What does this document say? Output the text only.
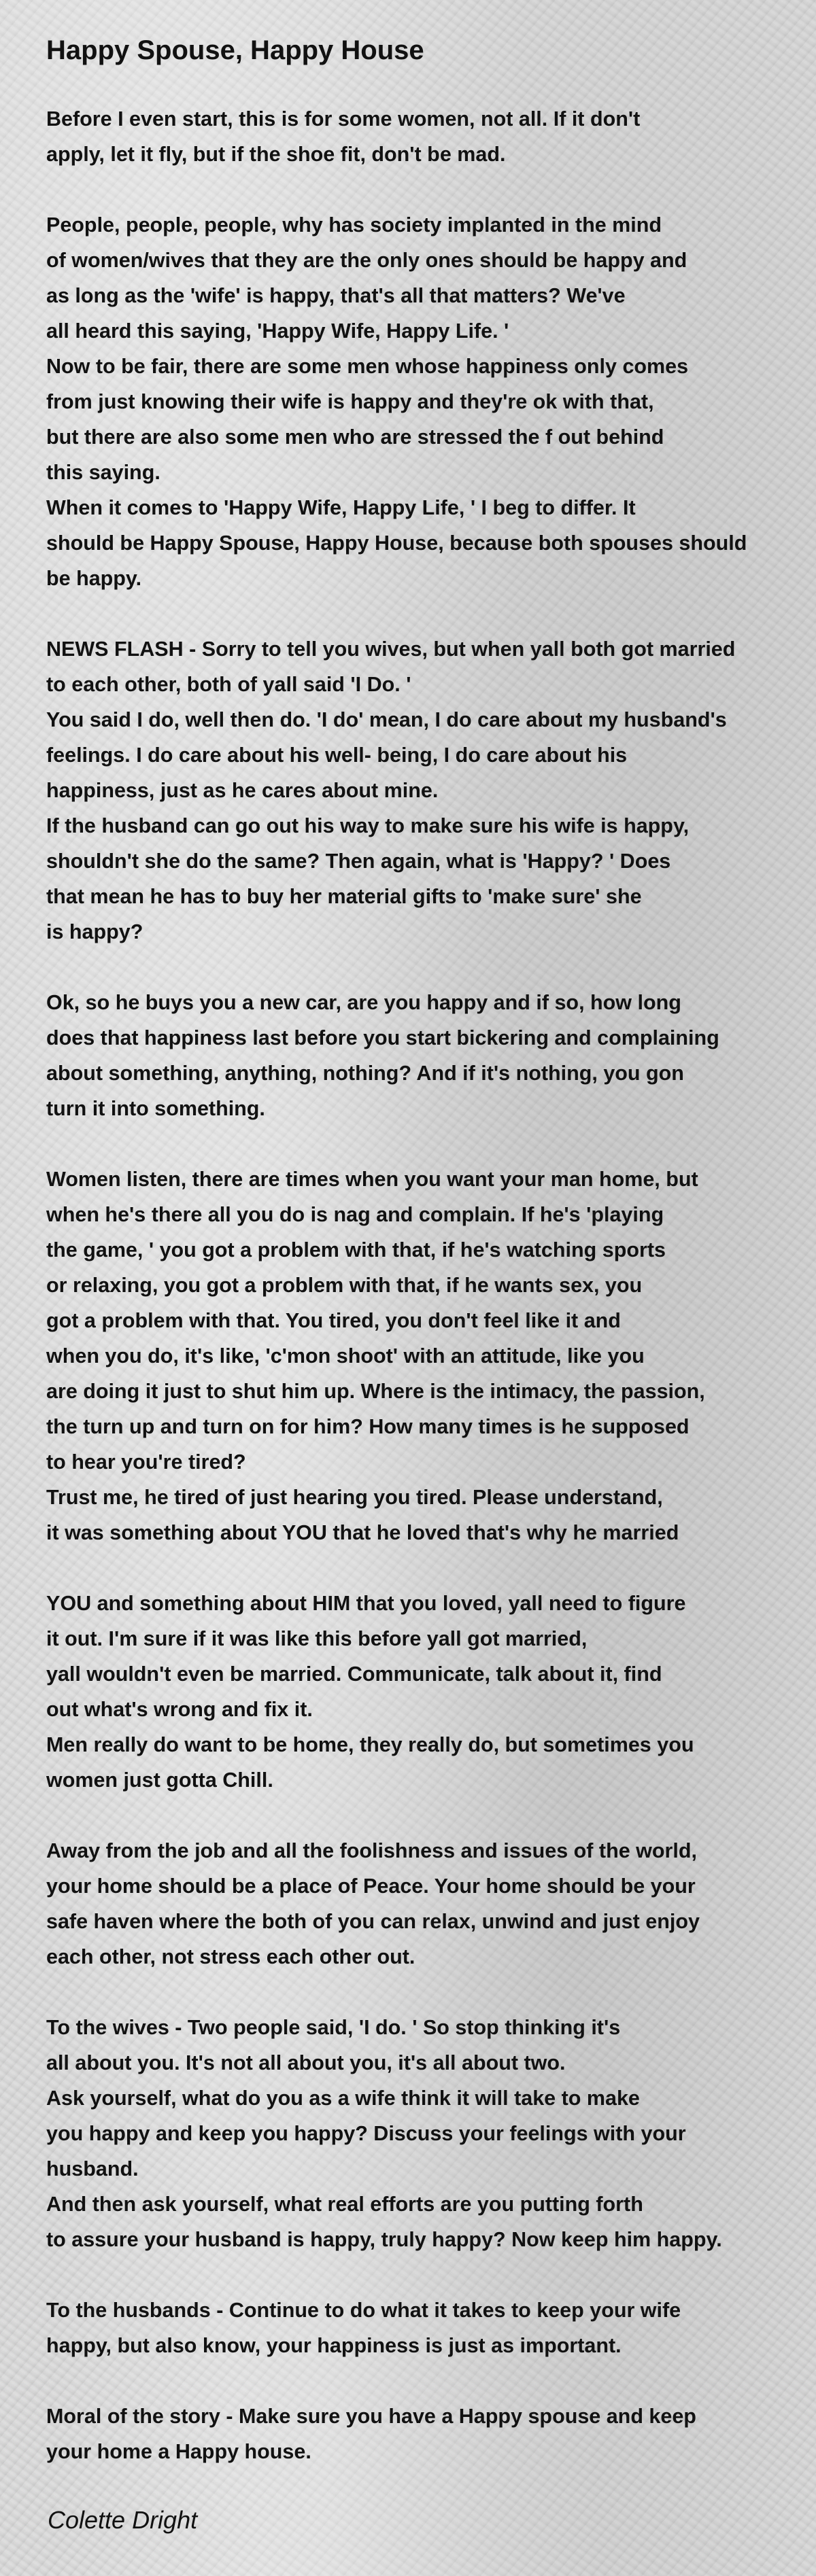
Happy Spouse, Happy House
Before I even start, this is for some women, not all. If it don't
apply, let it fly, but if the shoe fit, don't be mad.
People, people, people, why has society implanted in the mind
of women/wives that they are the only ones should be happy and
as long as the 'wife' is happy, that's all that matters? We've
all heard this saying, 'Happy Wife, Happy Life. '
Now to be fair, there are some men whose happiness only comes
from just knowing their wife is happy and they're ok with that,
but there are also some men who are stressed the f out behind
this saying.
When it comes to 'Happy Wife, Happy Life, ' I beg to differ. It
should be Happy Spouse, Happy House, because both spouses should
be happy.
NEWS FLASH - Sorry to tell you wives, but when yall both got married
to each other, both of yall said 'I Do. '
You said I do, well then do. 'I do' mean, I do care about my husband's
feelings. I do care about his well- being, I do care about his
happiness, just as he cares about mine.
If the husband can go out his way to make sure his wife is happy,
shouldn't she do the same? Then again, what is 'Happy? ' Does
that mean he has to buy her material gifts to 'make sure' she
is happy?
Ok, so he buys you a new car, are you happy and if so, how long
does that happiness last before you start bickering and complaining
about something, anything, nothing? And if it's nothing, you gon
turn it into something.
Women listen, there are times when you want your man home, but
when he's there all you do is nag and complain. If he's 'playing
the game, ' you got a problem with that, if he's watching sports
or relaxing, you got a problem with that, if he wants sex, you
got a problem with that. You tired, you don't feel like it and
when you do, it's like, 'c'mon shoot' with an attitude, like you
are doing it just to shut him up. Where is the intimacy, the passion,
the turn up and turn on for him? How many times is he supposed
to hear you're tired?
Trust me, he tired of just hearing you tired. Please understand,
it was something about YOU that he loved that's why he married
YOU and something about HIM that you loved, yall need to figure
it out. I'm sure if it was like this before yall got married,
yall wouldn't even be married. Communicate, talk about it, find
out what's wrong and fix it.
Men really do want to be home, they really do, but sometimes you
women just gotta Chill.
Away from the job and all the foolishness and issues of the world,
your home should be a place of Peace. Your home should be your
safe haven where the both of you can relax, unwind and just enjoy
each other, not stress each other out.
To the wives - Two people said, 'I do. ' So stop thinking it's
all about you. It's not all about you, it's all about two.
Ask yourself, what do you as a wife think it will take to make
you happy and keep you happy? Discuss your feelings with your
husband.
And then ask yourself, what real efforts are you putting forth
to assure your husband is happy, truly happy? Now keep him happy.
To the husbands - Continue to do what it takes to keep your wife
happy, but also know, your happiness is just as important.
Moral of the story - Make sure you have a Happy spouse and keep
your home a Happy house.
Colette Dright
